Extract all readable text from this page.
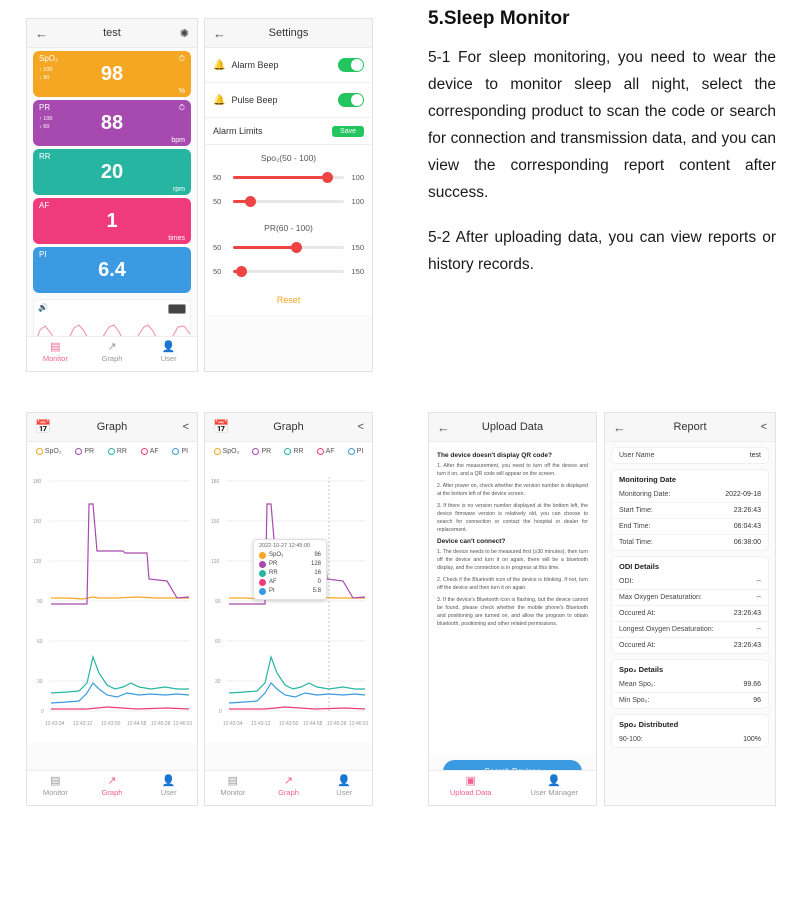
←	test	✺
SpO₂	⏱
↑ 100
↓ 90	98
%
PR	⏱
↑ 100
↓ 60	88
bpm
RR
20
rpm
AF
1
times
PI
6.4
🔊
▤
Monitor
↗
Graph
👤
User
←	Settings
🔔 Alarm Beep
🔔 Pulse Beep
Alarm Limits	Save
Spo₂(50 - 100)
50	100
50	100
PR(60 - 100)
50	150
50	150
Reset
5.Sleep Monitor

5-1 For sleep monitoring, you need to wear the device to monitor sleep all night, select the corresponding product to scan the code or search for connection and transmission data, and you can view the corresponding report content after success.

5-2 After uploading data, you can view reports or history records.

📅	Graph	<
SpO₂	PR	RR	AF	PI
180
150
120
90
60
30
0
12:43:34 12:43:12 12:43:50 12:44:58 12:45:28 12:46:01
▤
Monitor
↗
Graph
👤
User
📅	Graph	<
SpO₂	PR	RR	AF	PI
180
150
120
90
60
30
0
12:43:34 12:43:12 12:43:50 12:44:58 12:45:28 12:46:01
2022-10-27 12:45:00
SpO₂	96
PR	128
RR	16
AF	0
PI	5.8
▤
Monitor
↗
Graph
👤
User
←	Upload Data
The device doesn't display QR code?

1. After the measurement, you need to turn off the device and turn it on, and a QR code will appear on the screen.

2. After power on, check whether the version number is displayed at the bottom left of the device screen.

3. If there is no version number displayed at the bottom left, the device firmware version is relatively old, you can choose to search for connection or contact the hospital or dealer for replacement.

Device can't connect?

1. The device needs to be measured first (≥30 minutes), then turn off the device and turn it on again, there will be a bluetooth display, and the connection is in progress at this time.

2. Check if the Bluetooth icon of the device is blinking. If not, turn off the device and then turn it on again.

3. If the device's Bluetooth icon is flashing, but the device cannot be found, please check whether the mobile phone's Bluetooth and positioning are turned on, and allow the program to obtain bluetooth, positioning and other related permissions.

▣
Upload Data
👤
User Manager
←	Report	<
User Name	test
Monitoring Date
Monitoring Date:	2022-09-18
Start Time:	23:26:43
End Time:	06:04:43
Total Time:	06:38:00
ODI Details
ODI:	--
Max Oxygen Desaturation:	--
Occured At:	23:26:43
Longest Oxygen Desaturation:	--
Occured At:	23:26:43
Spo₂ Details
Mean Spo₂:	99.66
Min Spo₂:	96
Spo₂ Distributed
90-100:	100%
